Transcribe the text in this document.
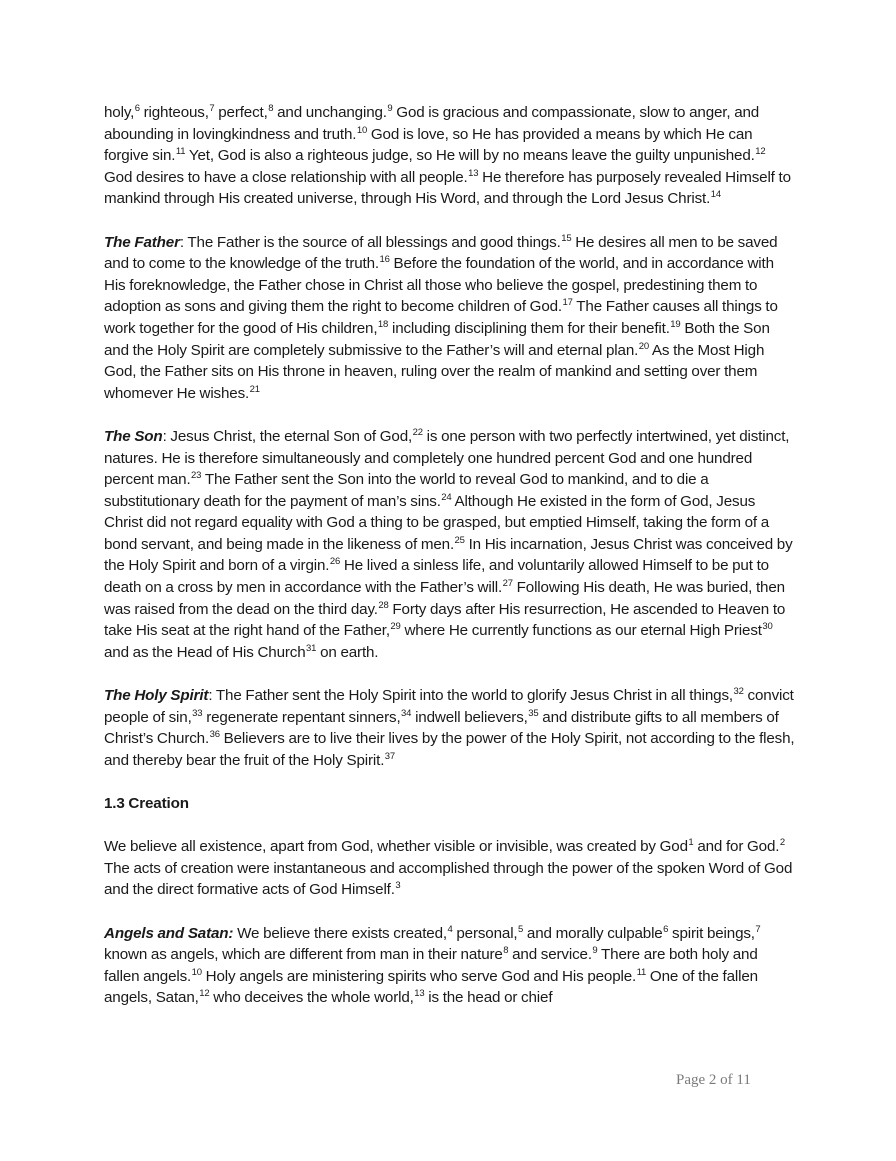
holy,$^6$ righteous,$^7$ perfect,$^8$ and unchanging.$^9$ God is gracious and compassionate, slow to anger, and abounding in lovingkindness and truth.$^{10}$ God is love, so He has provided a means by which He can forgive sin.$^{11}$ Yet, God is also a righteous judge, so He will by no means leave the guilty unpunished.$^{12}$ God desires to have a close relationship with all people.$^{13}$ He therefore has purposely revealed Himself to mankind through His created universe, through His Word, and through the Lord Jesus Christ.$^{14}$

The Father: The Father is the source of all blessings and good things.$^{15}$ He desires all men to be saved and to come to the knowledge of the truth.$^{16}$ Before the foundation of the world, and in accordance with His foreknowledge, the Father chose in Christ all those who believe the gospel, predestining them to adoption as sons and giving them the right to become children of God.$^{17}$ The Father causes all things to work together for the good of His children,$^{18}$ including disciplining them for their benefit.$^{19}$ Both the Son and the Holy Spirit are completely submissive to the Father’s will and eternal plan.$^{20}$ As the Most High God, the Father sits on His throne in heaven, ruling over the realm of mankind and setting over them whomever He wishes.$^{21}$

The Son: Jesus Christ, the eternal Son of God,$^{22}$ is one person with two perfectly intertwined, yet distinct, natures. He is therefore simultaneously and completely one hundred percent God and one hundred percent man.$^{23}$ The Father sent the Son into the world to reveal God to mankind, and to die a substitutionary death for the payment of man’s sins.$^{24}$ Although He existed in the form of God, Jesus Christ did not regard equality with God a thing to be grasped, but emptied Himself, taking the form of a bond servant, and being made in the likeness of men.$^{25}$ In His incarnation, Jesus Christ was conceived by the Holy Spirit and born of a virgin.$^{26}$ He lived a sinless life, and voluntarily allowed Himself to be put to death on a cross by men in accordance with the Father’s will.$^{27}$ Following His death, He was buried, then was raised from the dead on the third day.$^{28}$ Forty days after His resurrection, He ascended to Heaven to take His seat at the right hand of the Father,$^{29}$ where He currently functions as our eternal High Priest$^{30}$ and as the Head of His Church$^{31}$ on earth.

The Holy Spirit: The Father sent the Holy Spirit into the world to glorify Jesus Christ in all things,$^{32}$ convict people of sin,$^{33}$ regenerate repentant sinners,$^{34}$ indwell believers,$^{35}$ and distribute gifts to all members of Christ’s Church.$^{36}$ Believers are to live their lives by the power of the Holy Spirit, not according to the flesh, and thereby bear the fruit of the Holy Spirit.$^{37}$

1.3 Creation

We believe all existence, apart from God, whether visible or invisible, was created by God$^1$ and for God.$^2$ The acts of creation were instantaneous and accomplished through the power of the spoken Word of God and the direct formative acts of God Himself.$^3$

Angels and Satan: We believe there exists created,$^4$ personal,$^5$ and morally culpable$^6$ spirit beings,$^7$ known as angels, which are different from man in their nature$^8$ and service.$^9$ There are both holy and fallen angels.$^{10}$ Holy angels are ministering spirits who serve God and His people.$^{11}$ One of the fallen angels, Satan,$^{12}$ who deceives the whole world,$^{13}$ is the head or chief

Page 2 of 11
